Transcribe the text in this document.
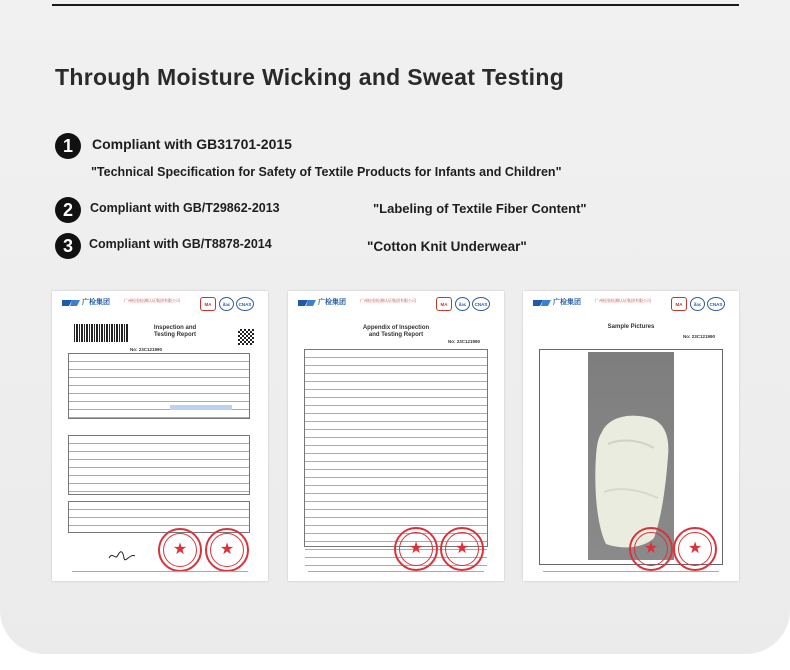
Through Moisture Wicking and Sweat Testing
1	Compliant with GB31701-2015

"Technical Specification for Safety of Textile Products for Infants and Children"

2	Compliant with GB/T29862-2013	"Labeling of Textile Fiber Content"

3	Compliant with GB/T8878-2014	"Cotton Knit Underwear"

广检集团	广州检验检测认证集团有限公司
MA	ilac	CNAS
Inspection and
Testing Report
No: 23C121990
★ ★
广检集团	广州检验检测认证集团有限公司
MA	ilac	CNAS
Appendix of Inspection
and Testing Report
No: 23C121990
★ ★
广检集团	广州检验检测认证集团有限公司
MA	ilac	CNAS
Sample Pictures
No: 23C121990
★ ★
